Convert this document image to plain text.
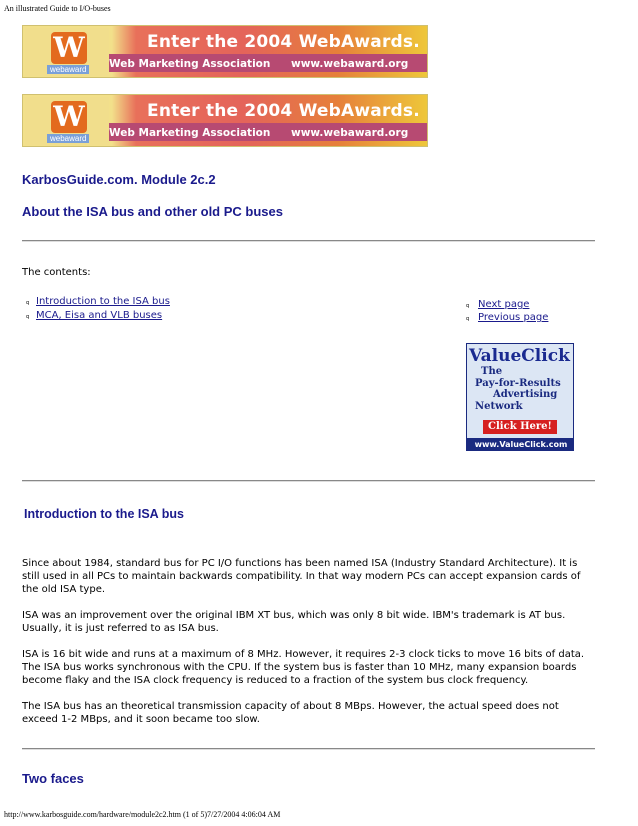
An illustrated Guide to I/O-buses
W
webaward
Enter the 2004 WebAwards.
Web Marketing Association www.webaward.org
W
webaward
Enter the 2004 WebAwards.
Web Marketing Association www.webaward.org
KarbosGuide.com. Module 2c.2
About the ISA bus and other old PC buses
The contents:
q Introduction to the ISA bus
q MCA, Eisa and VLB buses
q Next page
q Previous page
ValueClick
The
Pay-for-Results
Advertising
Network
Click Here!
www.ValueClick.com
Introduction to the ISA bus
Since about 1984, standard bus for PC I/O functions has been named ISA (Industry Standard Architecture). It is still used in all PCs to maintain backwards compatibility. In that way modern PCs can accept expansion cards of the old ISA type.
ISA was an improvement over the original IBM XT bus, which was only 8 bit wide. IBM's trademark is AT bus. Usually, it is just referred to as ISA bus.
ISA is 16 bit wide and runs at a maximum of 8 MHz. However, it requires 2-3 clock ticks to move 16 bits of data. The ISA bus works synchronous with the CPU. If the system bus is faster than 10 MHz, many expansion boards become flaky and the ISA clock frequency is reduced to a fraction of the system bus clock frequency.
The ISA bus has an theoretical transmission capacity of about 8 MBps. However, the actual speed does not exceed 1-2 MBps, and it soon became too slow.
Two faces
http://www.karbosguide.com/hardware/module2c2.htm (1 of 5)7/27/2004 4:06:04 AM
